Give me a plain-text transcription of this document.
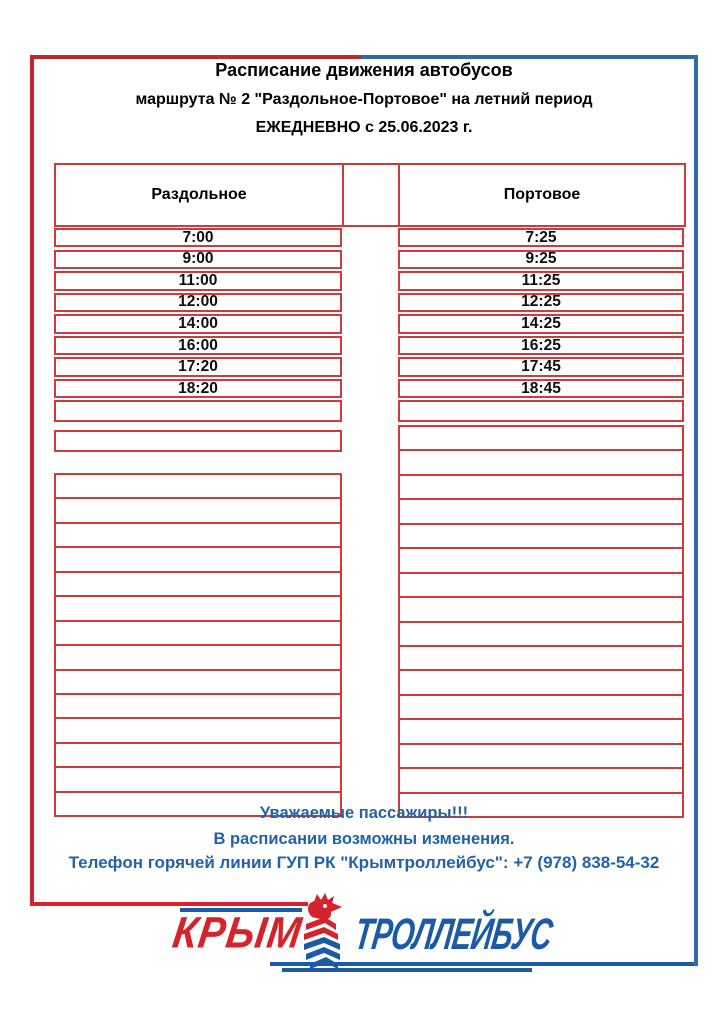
Расписание движения автобусов
маршрута № 2 "Раздольное-Портовое" на летний период
ЕЖЕДНЕВНО с 25.06.2023 г.
Раздольное	Портовое
7:00
9:00
11:00
12:00
14:00
16:00
17:20
18:20
7:25
9:25
11:25
12:25
14:25
16:25
17:45
18:45
Уважаемые пассажиры!!!
В расписании возможны изменения.
Телефон горячей линии ГУП РК "Крымтроллейбус": +7 (978) 838-54-32
КРЫМ ТРОЛЛЕЙБУС
